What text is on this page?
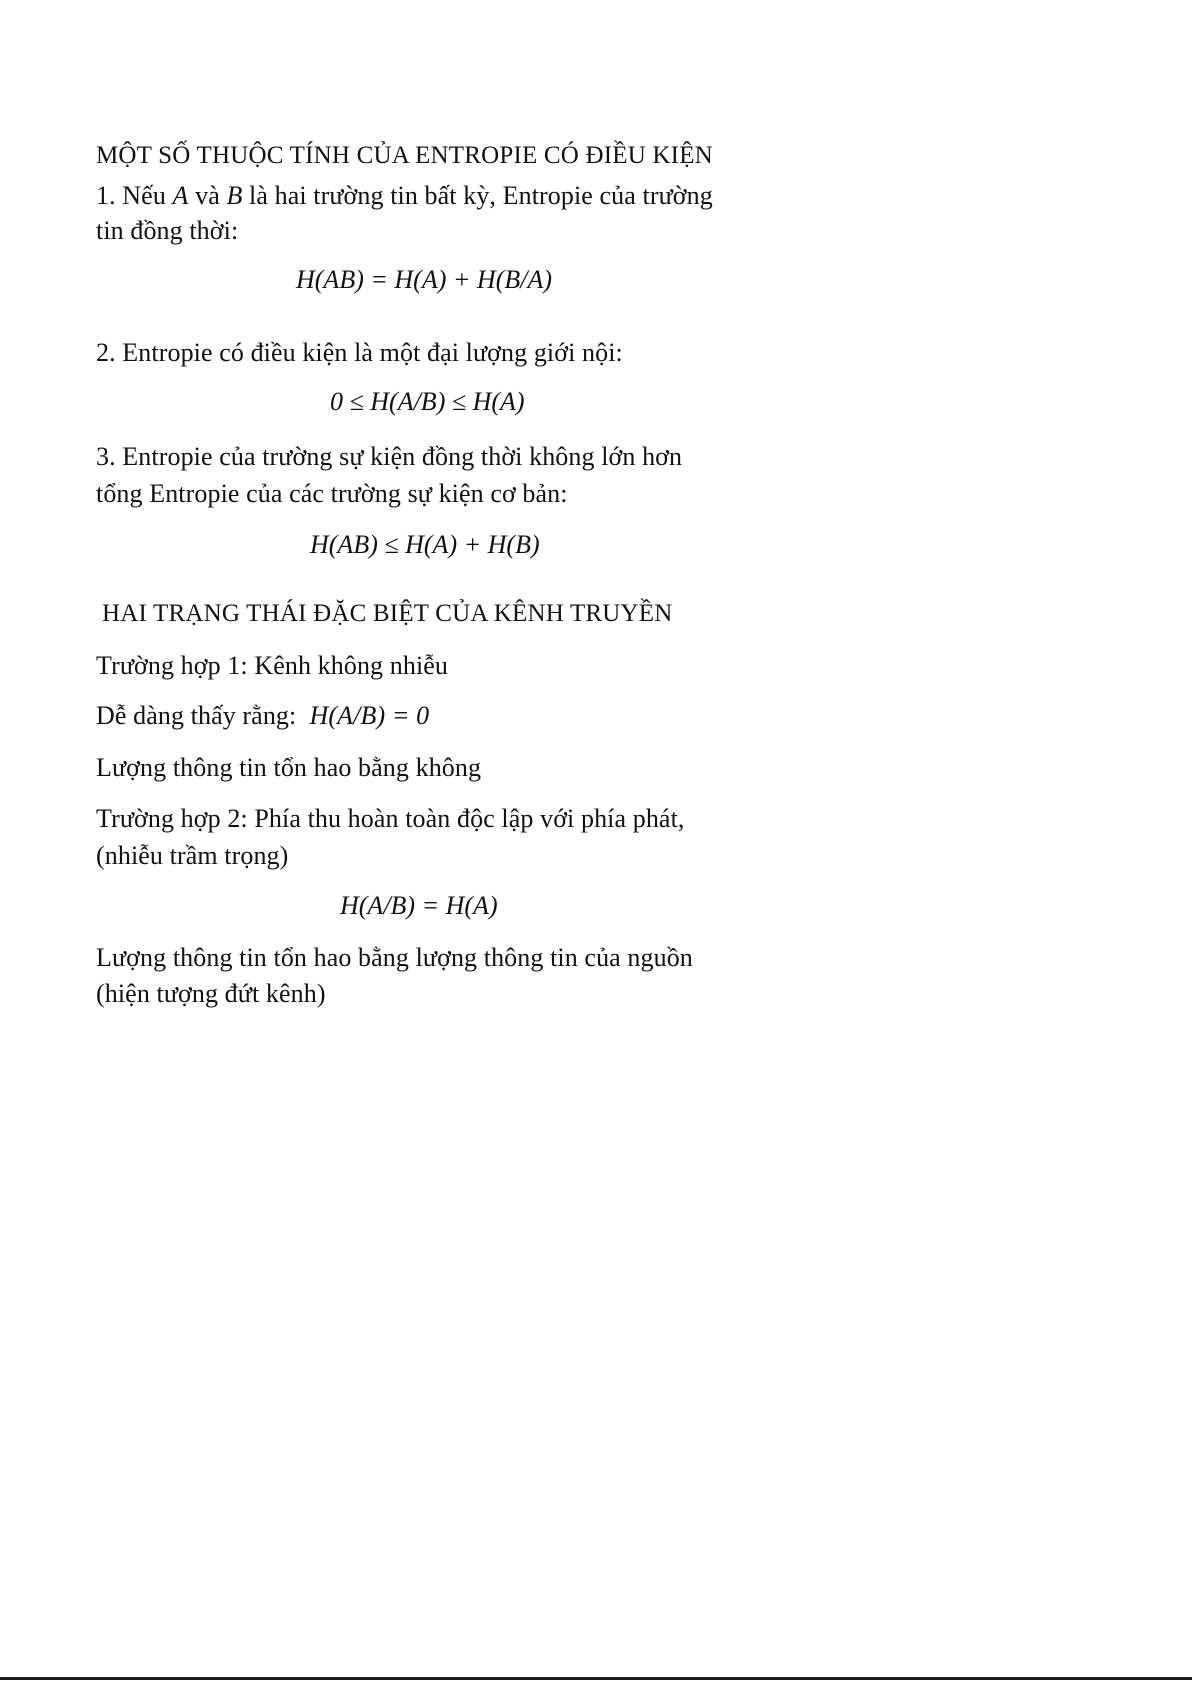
MỘT SỐ THUỘC TÍNH CỦA ENTROPIE CÓ ĐIỀU KIỆN
1. Nếu A và B là hai trường tin bất kỳ, Entropie của trường
tin đồng thời:
H(AB) = H(A) + H(B/A)
2. Entropie có điều kiện là một đại lượng giới nội:
0 ≤ H(A/B) ≤ H(A)
3. Entropie của trường sự kiện đồng thời không lớn hơn
tổng Entropie của các trường sự kiện cơ bản:
H(AB) ≤ H(A) + H(B)
HAI TRẠNG THÁI ĐẶC BIỆT CỦA KÊNH TRUYỀN
Trường hợp 1: Kênh không nhiễu
Dễ dàng thấy rằng: H(A/B) = 0
Lượng thông tin tổn hao bằng không
Trường hợp 2: Phía thu hoàn toàn độc lập với phía phát,
(nhiễu trầm trọng)
H(A/B) = H(A)
Lượng thông tin tổn hao bằng lượng thông tin của nguồn
(hiện tượng đứt kênh)
